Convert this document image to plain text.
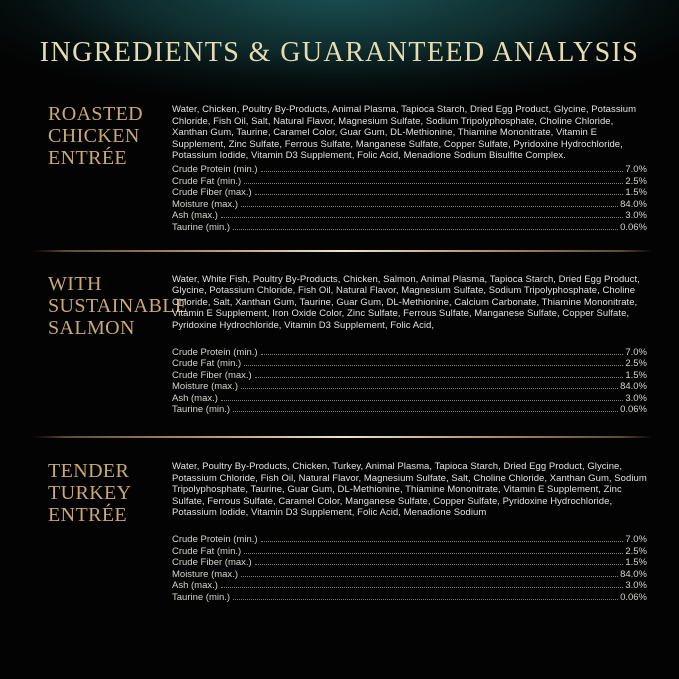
INGREDIENTS & GUARANTEED ANALYSIS
ROASTED
CHICKEN
ENTRÉE

Water, Chicken, Poultry By-Products, Animal Plasma, Tapioca Starch, Dried Egg Product, Glycine, Potassium Chloride, Fish Oil, Salt, Natural Flavor, Magnesium Sulfate, Sodium Tripolyphosphate, Choline Chloride, Xanthan Gum, Taurine, Caramel Color, Guar Gum, DL-Methionine, Thiamine Mononitrate, Vitamin E Supplement, Zinc Sulfate, Ferrous Sulfate, Manganese Sulfate, Copper Sulfate, Pyridoxine Hydrochloride, Potassium Iodide, Vitamin D3 Supplement, Folic Acid, Menadione Sodium Bisulfite Complex.

Crude Protein (min.)	7.0%
Crude Fat (min.)	2.5%
Crude Fiber (max.)	1.5%
Moisture (max.)	84.0%
Ash (max.)	3.0%
Taurine (min.)	0.06%
WITH
SUSTAINABLE
SALMON

Water, White Fish, Poultry By-Products, Chicken, Salmon, Animal Plasma, Tapioca Starch, Dried Egg Product, Glycine, Potassium Chloride, Fish Oil, Natural Flavor, Magnesium Sulfate, Sodium Tripolyphosphate, Choline Chloride, Salt, Xanthan Gum, Taurine, Guar Gum, DL-Methionine, Calcium Carbonate, Thiamine Mononitrate, Vitamin E Supplement, Iron Oxide Color, Zinc Sulfate, Ferrous Sulfate, Manganese Sulfate, Copper Sulfate, Pyridoxine Hydrochloride, Vitamin D3 Supplement, Folic Acid,

Crude Protein (min.)	7.0%
Crude Fat (min.)	2.5%
Crude Fiber (max.)	1.5%
Moisture (max.)	84.0%
Ash (max.)	3.0%
Taurine (min.)	0.06%
TENDER
TURKEY
ENTRÉE

Water, Poultry By-Products, Chicken, Turkey, Animal Plasma, Tapioca Starch, Dried Egg Product, Glycine, Potassium Chloride, Fish Oil, Natural Flavor, Magnesium Sulfate, Salt, Choline Chloride, Xanthan Gum, Sodium Tripolyphosphate, Taurine, Guar Gum, DL-Methionine, Thiamine Mononitrate, Vitamin E Supplement, Zinc Sulfate, Ferrous Sulfate, Caramel Color, Manganese Sulfate, Copper Sulfate, Pyridoxine Hydrochloride, Potassium Iodide, Vitamin D3 Supplement, Folic Acid, Menadione Sodium

Crude Protein (min.)	7.0%
Crude Fat (min.)	2.5%
Crude Fiber (max.)	1.5%
Moisture (max.)	84.0%
Ash (max.)	3.0%
Taurine (min.)	0.06%
